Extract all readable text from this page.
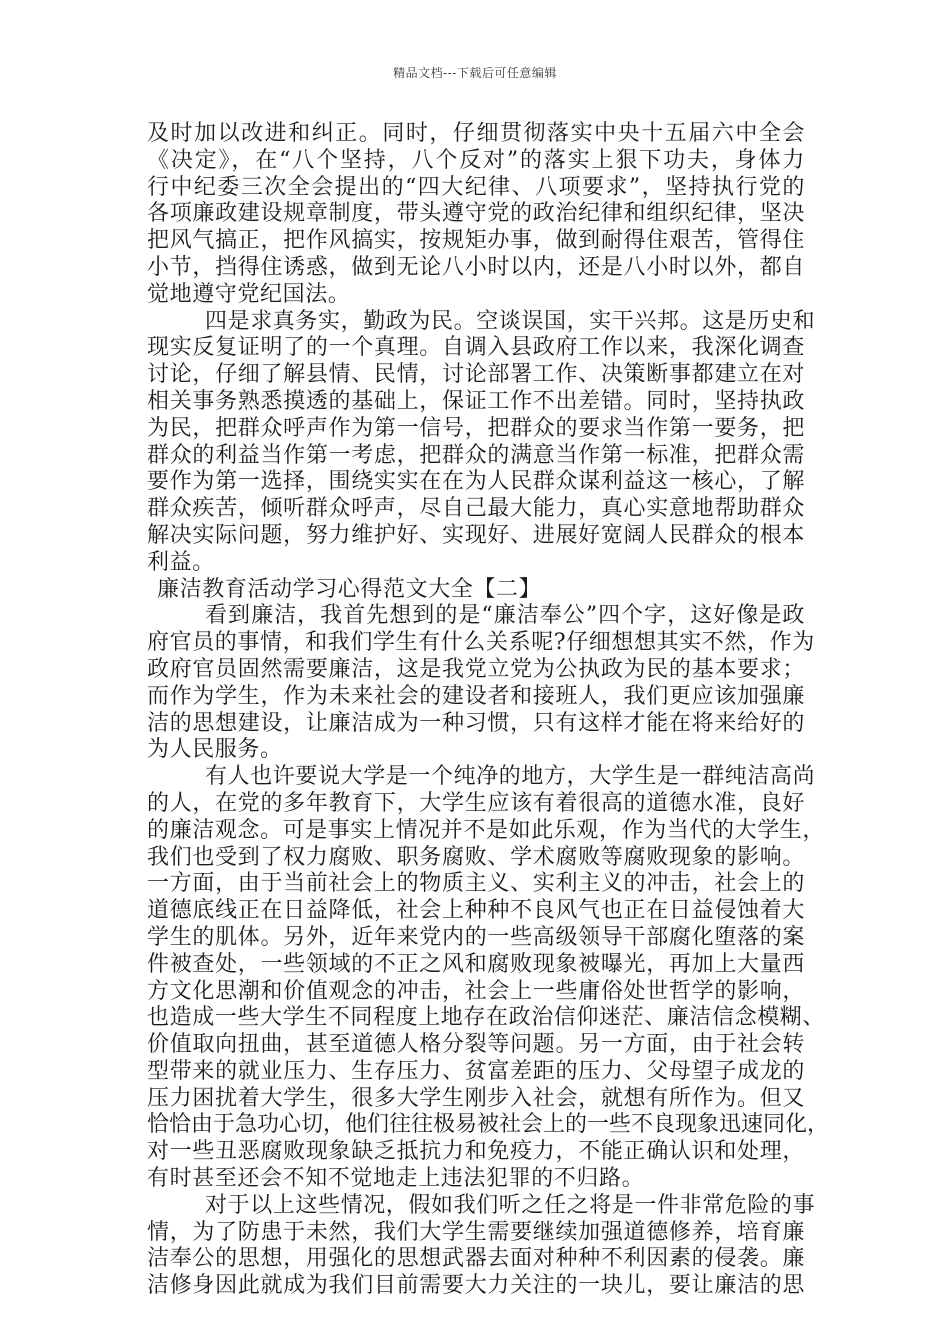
精品文档---下载后可任意编辑
及时加以改进和纠正。同时，仔细贯彻落实中央十五届六中全会
《决定》，在“八个坚持，八个反对”的落实上狠下功夫，身体力
行中纪委三次全会提出的“四大纪律、八项要求”，坚持执行党的
各项廉政建设规章制度，带头遵守党的政治纪律和组织纪律，坚决
把风气搞正，把作风搞实，按规矩办事，做到耐得住艰苦，管得住
小节，挡得住诱惑，做到无论八小时以内，还是八小时以外，都自
觉地遵守党纪国法。
四是求真务实，勤政为民。空谈误国，实干兴邦。这是历史和
现实反复证明了的一个真理。自调入县政府工作以来，我深化调查
讨论，仔细了解县情、民情，讨论部署工作、决策断事都建立在对
相关事务熟悉摸透的基础上，保证工作不出差错。同时，坚持执政
为民，把群众呼声作为第一信号，把群众的要求当作第一要务，把
群众的利益当作第一考虑，把群众的满意当作第一标准，把群众需
要作为第一选择，围绕实实在在为人民群众谋利益这一核心，了解
群众疾苦，倾听群众呼声，尽自己最大能力，真心实意地帮助群众
解决实际问题，努力维护好、实现好、进展好宽阔人民群众的根本
利益。
廉洁教育活动学习心得范文大全【二】
看到廉洁，我首先想到的是“廉洁奉公”四个字，这好像是政
府官员的事情，和我们学生有什么关系呢?仔细想想其实不然，作为
政府官员固然需要廉洁，这是我党立党为公执政为民的基本要求；
而作为学生，作为未来社会的建设者和接班人，我们更应该加强廉
洁的思想建设，让廉洁成为一种习惯，只有这样才能在将来给好的
为人民服务。
有人也许要说大学是一个纯净的地方，大学生是一群纯洁高尚
的人，在党的多年教育下，大学生应该有着很高的道德水准，良好
的廉洁观念。可是事实上情况并不是如此乐观，作为当代的大学生，
我们也受到了权力腐败、职务腐败、学术腐败等腐败现象的影响。
一方面，由于当前社会上的物质主义、实利主义的冲击，社会上的
道德底线正在日益降低，社会上种种不良风气也正在日益侵蚀着大
学生的肌体。另外，近年来党内的一些高级领导干部腐化堕落的案
件被查处，一些领域的不正之风和腐败现象被曝光，再加上大量西
方文化思潮和价值观念的冲击，社会上一些庸俗处世哲学的影响，
也造成一些大学生不同程度上地存在政治信仰迷茫、廉洁信念模糊、
价值取向扭曲，甚至道德人格分裂等问题。另一方面，由于社会转
型带来的就业压力、生存压力、贫富差距的压力、父母望子成龙的
压力困扰着大学生，很多大学生刚步入社会，就想有所作为。但又
恰恰由于急功心切，他们往往极易被社会上的一些不良现象迅速同化，
对一些丑恶腐败现象缺乏抵抗力和免疫力，不能正确认识和处理，
有时甚至还会不知不觉地走上违法犯罪的不归路。
对于以上这些情况，假如我们听之任之将是一件非常危险的事
情，为了防患于未然，我们大学生需要继续加强道德修养，培育廉
洁奉公的思想，用强化的思想武器去面对种种不利因素的侵袭。廉
洁修身因此就成为我们目前需要大力关注的一块儿，要让廉洁的思
